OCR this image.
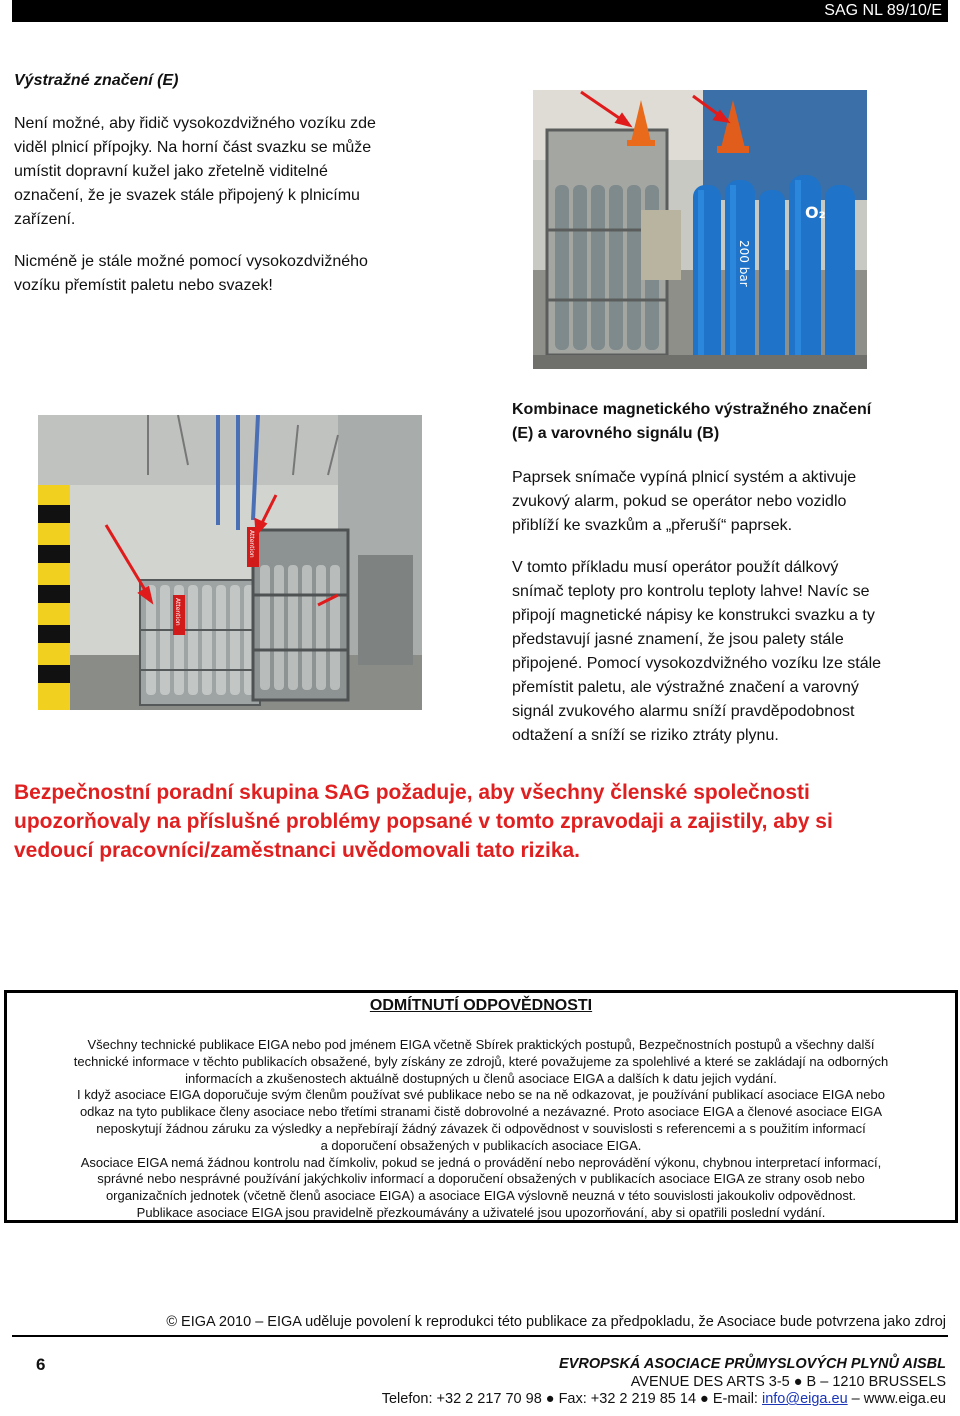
SAG NL 89/10/E
Výstražné značení (E)
Není možné, aby řidič vysokozdvižného vozíku zde
viděl plnicí přípojky. Na horní část svazku se může
umístit dopravní kužel jako zřetelně viditelné
označení, že je svazek stále připojený k plnicímu
zařízení.
Nicméně je stále možné pomocí vysokozdvižného
vozíku přemístit paletu nebo svazek!	200 bar
O₂
Attention
Attention
Kombinace magnetického výstražného značení
(E) a varovného signálu (B)
Paprsek snímače vypíná plnicí systém a aktivuje
zvukový alarm, pokud se operátor nebo vozidlo
přiblíží ke svazkům a „přeruší“ paprsek.
V tomto příkladu musí operátor použít dálkový
snímač teploty pro kontrolu teploty lahve! Navíc se
připojí magnetické nápisy ke konstrukci svazku a ty
představují jasné znamení, že jsou palety stále
připojené. Pomocí vysokozdvižného vozíku lze stále
přemístit paletu, ale výstražné značení a varovný
signál zvukového alarmu sníží pravděpodobnost
odtažení a sníží se riziko ztráty plynu.
Bezpečnostní poradní skupina SAG požaduje, aby všechny členské společnosti
upozorňovaly na příslušné problémy popsané v tomto zpravodaji a zajistily, aby si
vedoucí pracovníci/zaměstnanci uvědomovali tato rizika.
ODMÍTNUTÍ ODPOVĚDNOSTI

Všechny technické publikace EIGA nebo pod jménem EIGA včetně Sbírek praktických postupů, Bezpečnostních postupů a všechny další

technické informace v těchto publikacích obsažené, byly získány ze zdrojů, které považujeme za spolehlivé a které se zakládají na odborných

informacích a zkušenostech aktuálně dostupných u členů asociace EIGA a dalších k datu jejich vydání.

I když asociace EIGA doporučuje svým členům používat své publikace nebo se na ně odkazovat, je používání publikací asociace EIGA nebo

odkaz na tyto publikace členy asociace nebo třetími stranami čistě dobrovolné a nezávazné. Proto asociace EIGA a členové asociace EIGA

neposkytují žádnou záruku za výsledky a nepřebírají žádný závazek či odpovědnost v souvislosti s referencemi a s použitím informací

a doporučení obsažených v publikacích asociace EIGA.

Asociace EIGA nemá žádnou kontrolu nad čímkoliv, pokud se jedná o provádění nebo neprovádění výkonu, chybnou interpretací informací,

správné nebo nesprávné používání jakýchkoliv informací a doporučení obsažených v publikacích asociace EIGA ze strany osob nebo

organizačních jednotek (včetně členů asociace EIGA) a asociace EIGA výslovně neuzná v této souvislosti jakoukoliv odpovědnost.

Publikace asociace EIGA jsou pravidelně přezkoumávány a uživatelé jsou upozorňování, aby si opatřili poslední vydání.

© EIGA 2010 – EIGA uděluje povolení k reprodukci této publikace za předpokladu, že Asociace bude potvrzena jako zdroj
6	EVROPSKÁ ASOCIACE PRŮMYSLOVÝCH PLYNŮ AISBL
AVENUE DES ARTS 3-5 ● B – 1210 BRUSSELS
Telefon: +32 2 217 70 98 ● Fax: +32 2 219 85 14 ● E-mail: info@eiga.eu – www.eiga.eu
